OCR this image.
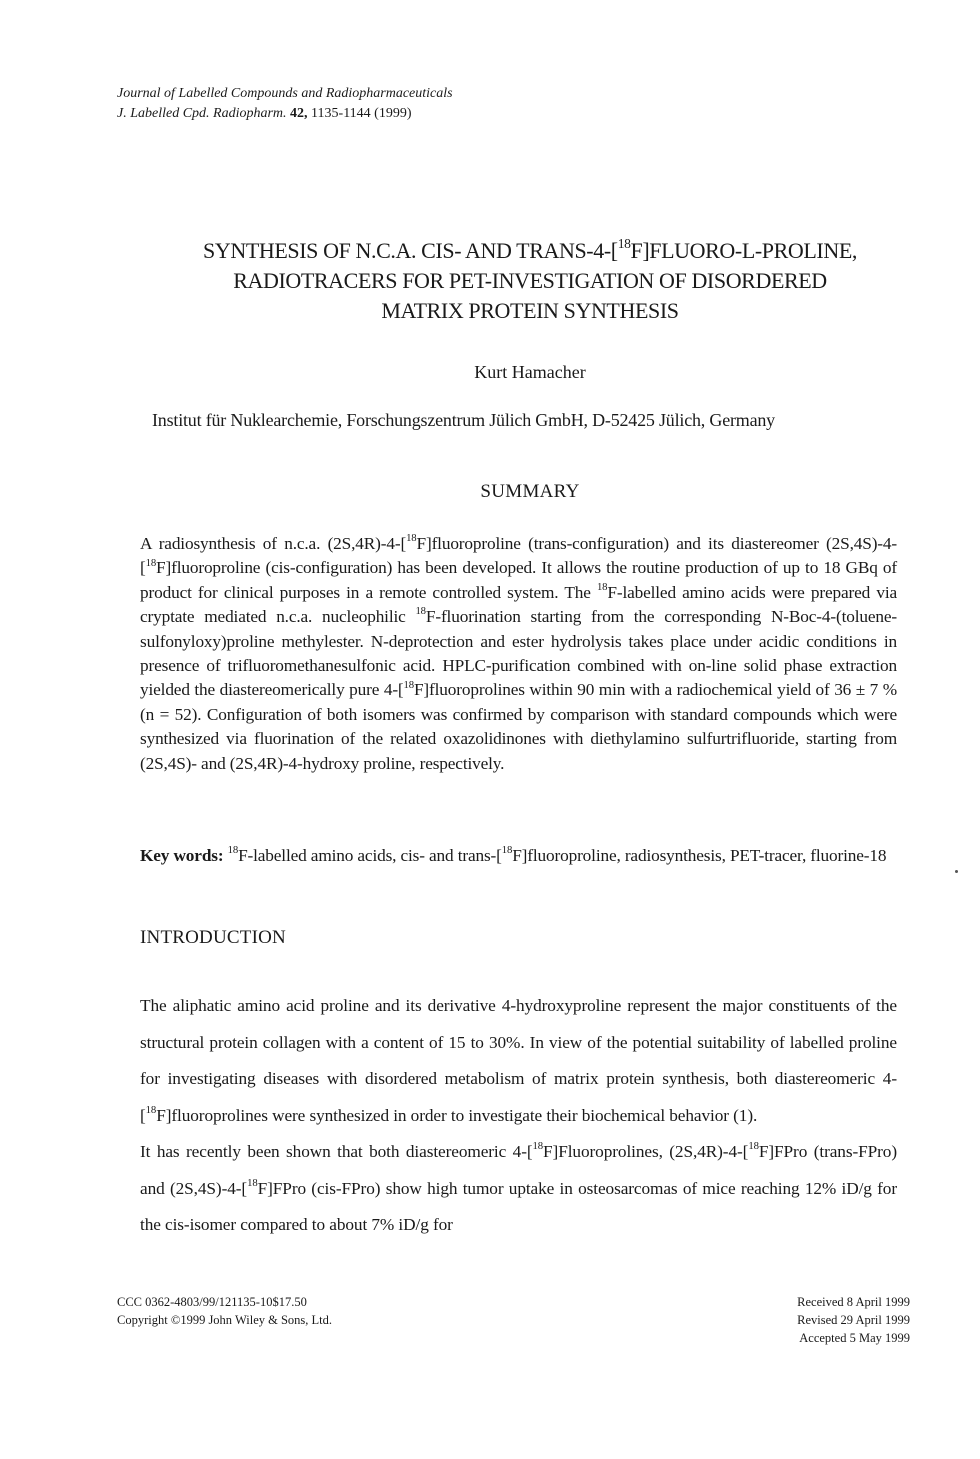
Journal of Labelled Compounds and Radiopharmaceuticals
J. Labelled Cpd. Radiopharm. 42, 1135-1144 (1999)
SYNTHESIS OF N.C.A. CIS- AND TRANS-4-[$^{18}$F]FLUORO-L-PROLINE,
RADIOTRACERS FOR PET-INVESTIGATION OF DISORDERED
MATRIX PROTEIN SYNTHESIS
Kurt Hamacher
Institut für Nuklearchemie, Forschungszentrum Jülich GmbH, D-52425 Jülich, Germany
SUMMARY
A radiosynthesis of n.c.a. (2S,4R)-4-[$^{18}$F]fluoroproline (trans-configuration) and its diastereomer (2S,4S)-4-[$^{18}$F]fluoroproline (cis-configuration) has been developed. It allows the routine production of up to 18 GBq of product for clinical purposes in a remote controlled system. The $^{18}$F-labelled amino acids were prepared via cryptate mediated n.c.a. nucleophilic $^{18}$F-fluorination starting from the corresponding N-Boc-4-(toluene-sulfonyloxy)proline methylester. N-deprotection and ester hydrolysis takes place under acidic conditions in presence of trifluoromethanesulfonic acid. HPLC-purification combined with on-line solid phase extraction yielded the diastereomerically pure 4-[$^{18}$F]fluoroprolines within 90 min with a radiochemical yield of 36 ± 7 % (n = 52). Configuration of both isomers was confirmed by comparison with standard compounds which were synthesized via fluorination of the related oxazolidinones with diethylamino sulfurtrifluoride, starting from (2S,4S)- and (2S,4R)-4-hydroxy proline, respectively.
Key words: $^{18}$F-labelled amino acids, cis- and trans-[$^{18}$F]fluoroproline, radiosynthesis, PET-tracer, fluorine-18
INTRODUCTION

The aliphatic amino acid proline and its derivative 4-hydroxyproline represent the major constituents of the structural protein collagen with a content of 15 to 30%. In view of the potential suitability of labelled proline for investigating diseases with disordered metabolism of matrix protein synthesis, both diastereomeric 4-[$^{18}$F]fluoroprolines were synthesized in order to investigate their biochemical behavior (1).

It has recently been shown that both diastereomeric 4-[$^{18}$F]Fluoroprolines, (2S,4R)-4-[$^{18}$F]FPro (trans-FPro) and (2S,4S)-4-[$^{18}$F]FPro (cis-FPro) show high tumor uptake in osteosarcomas of mice reaching 12% iD/g for the cis-isomer compared to about 7% iD/g for

CCC 0362-4803/99/121135-10$17.50
Copyright ©1999 John Wiley & Sons, Ltd.
Received 8 April 1999
Revised 29 April 1999
Accepted 5 May 1999
